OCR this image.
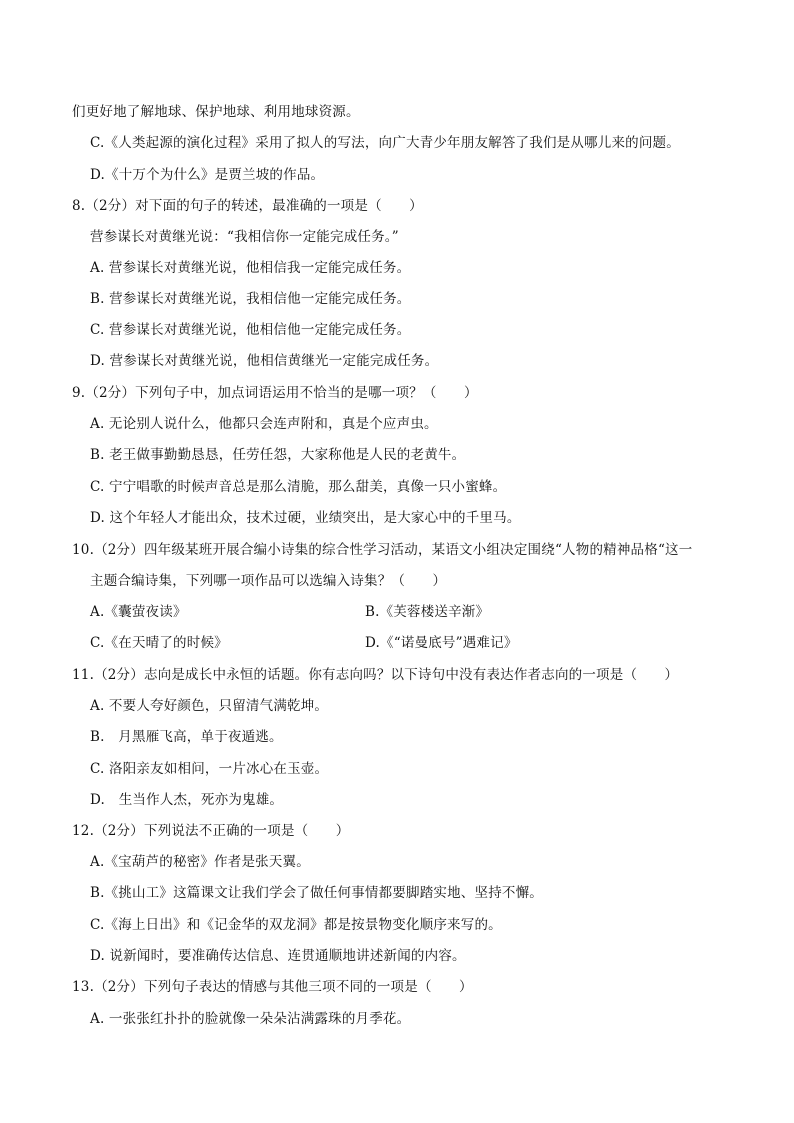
们更好地了解地球、保护地球、利用地球资源。
C.《人类起源的演化过程》采用了拟人的写法，向广大青少年朋友解答了我们是从哪儿来的问题。
D.《十万个为什么》是贾兰坡的作品。
8.（2分）对下面的句子的转述，最准确的一项是（　　）
营参谋长对黄继光说：“我相信你一定能完成任务。”
A. 营参谋长对黄继光说，他相信我一定能完成任务。
B. 营参谋长对黄继光说，我相信他一定能完成任务。
C. 营参谋长对黄继光说，他相信他一定能完成任务。
D. 营参谋长对黄继光说，他相信黄继光一定能完成任务。
9.（2分）下列句子中，加点词语运用不恰当的是哪一项？（　　）
A. 无论别人说什么，他都只会连声附和，真是个应声虫。
B. 老王做事勤勤恳恳，任劳任怨，大家称他是人民的老黄牛。
C. 宁宁唱歌的时候声音总是那么清脆，那么甜美，真像一只小蜜蜂。
D. 这个年轻人才能出众，技术过硬，业绩突出，是大家心中的千里马。
10.（2分）四年级某班开展合编小诗集的综合性学习活动，某语文小组决定围绕“人物的精神品格“这一
主题合编诗集，下列哪一项作品可以选编入诗集？（　　）
A.《囊萤夜读》	B.《芙蓉楼送辛渐》
C.《在天晴了的时候》	D.《“诺曼底号”遇难记》
11.（2分）志向是成长中永恒的话题。你有志向吗？以下诗句中没有表达作者志向的一项是（　　）
A. 不要人夸好颜色，只留清气满乾坤。
B.　月黑雁飞高，单于夜遁逃。
C. 洛阳亲友如相问，一片冰心在玉壶。
D.　生当作人杰，死亦为鬼雄。
12.（2分）下列说法不正确的一项是（　　）
A.《宝葫芦的秘密》作者是张天翼。
B.《挑山工》这篇课文让我们学会了做任何事情都要脚踏实地、坚持不懈。
C.《海上日出》和《记金华的双龙洞》都是按景物变化顺序来写的。
D. 说新闻时，要准确传达信息、连贯通顺地讲述新闻的内容。
13.（2分）下列句子表达的情感与其他三项不同的一项是（　　）
A. 一张张红扑扑的脸就像一朵朵沾满露珠的月季花。
